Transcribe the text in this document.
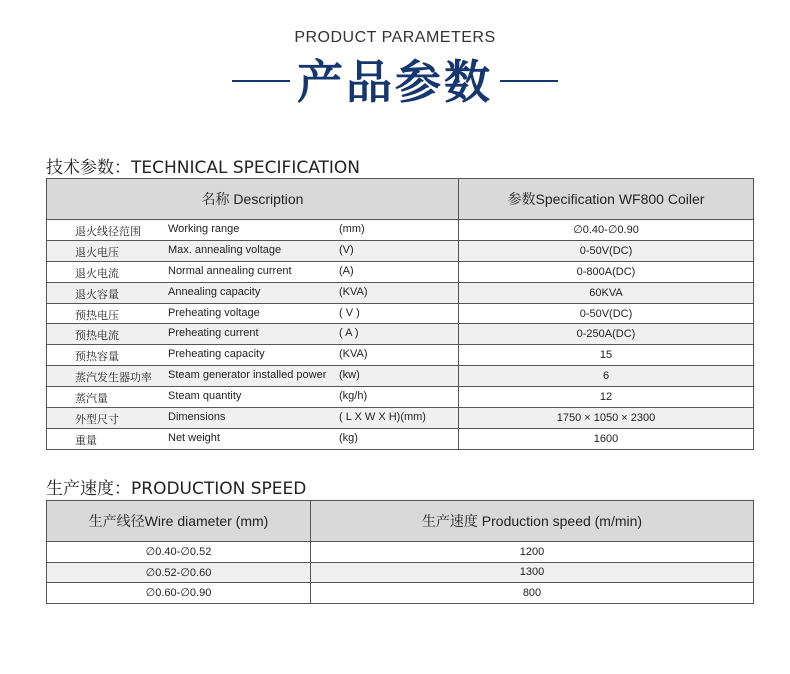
PRODUCT PARAMETERS
产品参数
技术参数：TECHNICAL SPECIFICATION
名称 Description	参数Specification WF800 Coiler

退火线径范围 Working range (mm)	∅0.40-∅0.90

退火电压 Max. annealing voltage (V)	0-50V(DC)

退火电流 Normal annealing current (A)	0-800A(DC)

退火容量 Annealing capacity (KVA)	60KVA

预热电压 Preheating voltage ( V )	0-50V(DC)

预热电流 Preheating current ( A )	0-250A(DC)

预热容量 Preheating capacity (KVA)	15

蒸汽发生器功率 Steam generator installed power (kw)	6

蒸汽量 Steam quantity (kg/h)	12

外型尺寸 Dimensions ( L X W X H)(mm)	1750 × 1050 × 2300

重量 Net weight (kg)	1600
生产速度：PRODUCTION SPEED
生产线径Wire diameter (mm)	生产速度 Production speed (m/min)
∅0.40-∅0.52	1200
∅0.52-∅0.60	1300
∅0.60-∅0.90	800
